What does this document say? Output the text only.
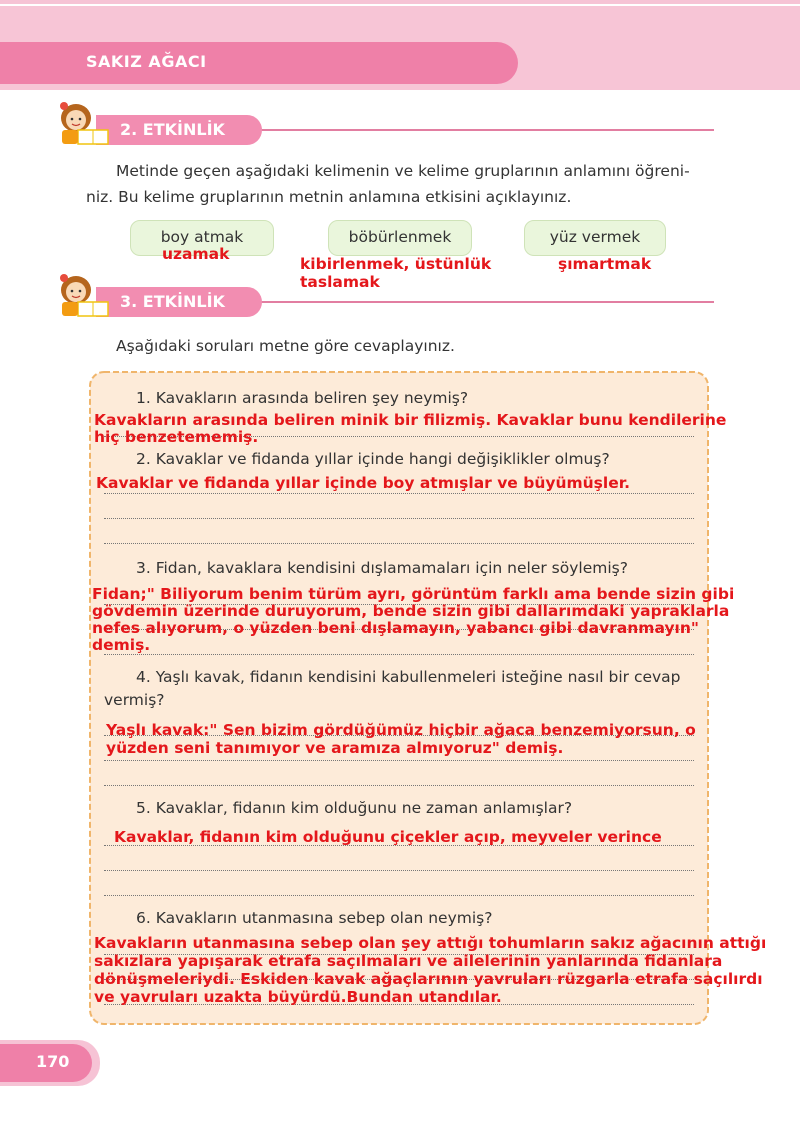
SAKIZ AĞACI
2. ETKİNLİK
Metinde geçen aşağıdaki kelimenin ve kelime gruplarının anlamını öğreni-
niz. Bu kelime gruplarının metnin anlamına etkisini açıklayınız.
boy atmak	böbürlenmek	yüz vermek
uzamak
kibirlenmek, üstünlük
taslamak
şımartmak
3. ETKİNLİK
Aşağıdaki soruları metne göre cevaplayınız.
1. Kavakların arasında beliren şey neymiş?
Kavakların arasında beliren minik bir filizmiş. Kavaklar bunu kendilerine
hiç benzetememiş.
2. Kavaklar ve fidanda yıllar içinde hangi değişiklikler olmuş?
Kavaklar ve fidanda yıllar içinde boy atmışlar ve büyümüşler.
3. Fidan, kavaklara kendisini dışlamamaları için neler söylemiş?
Fidan;" Biliyorum benim türüm ayrı, görüntüm farklı ama bende sizin gibi
gövdemin üzerinde duruyorum, bende sizin gibi dallarımdaki yapraklarla
nefes alıyorum, o yüzden beni dışlamayın, yabancı gibi davranmayın"
demiş.
4. Yaşlı kavak, fidanın kendisini kabullenmeleri isteğine nasıl bir cevap
vermiş?
Yaşlı kavak:" Sen bizim gördüğümüz hiçbir ağaca benzemiyorsun, o
yüzden seni tanımıyor ve aramıza almıyoruz" demiş.
5. Kavaklar, fidanın kim olduğunu ne zaman anlamışlar?
Kavaklar, fidanın kim olduğunu çiçekler açıp, meyveler verince
6. Kavakların utanmasına sebep olan neymiş?
Kavakların utanmasına sebep olan şey attığı tohumların sakız ağacının attığı
sakızlara yapışarak etrafa saçılmaları ve ailelerinin yanlarında fidanlara
dönüşmeleriydi. Eskiden kavak ağaçlarının yavruları rüzgarla etrafa saçılırdı
ve yavruları uzakta büyürdü.Bundan utandılar.
170
